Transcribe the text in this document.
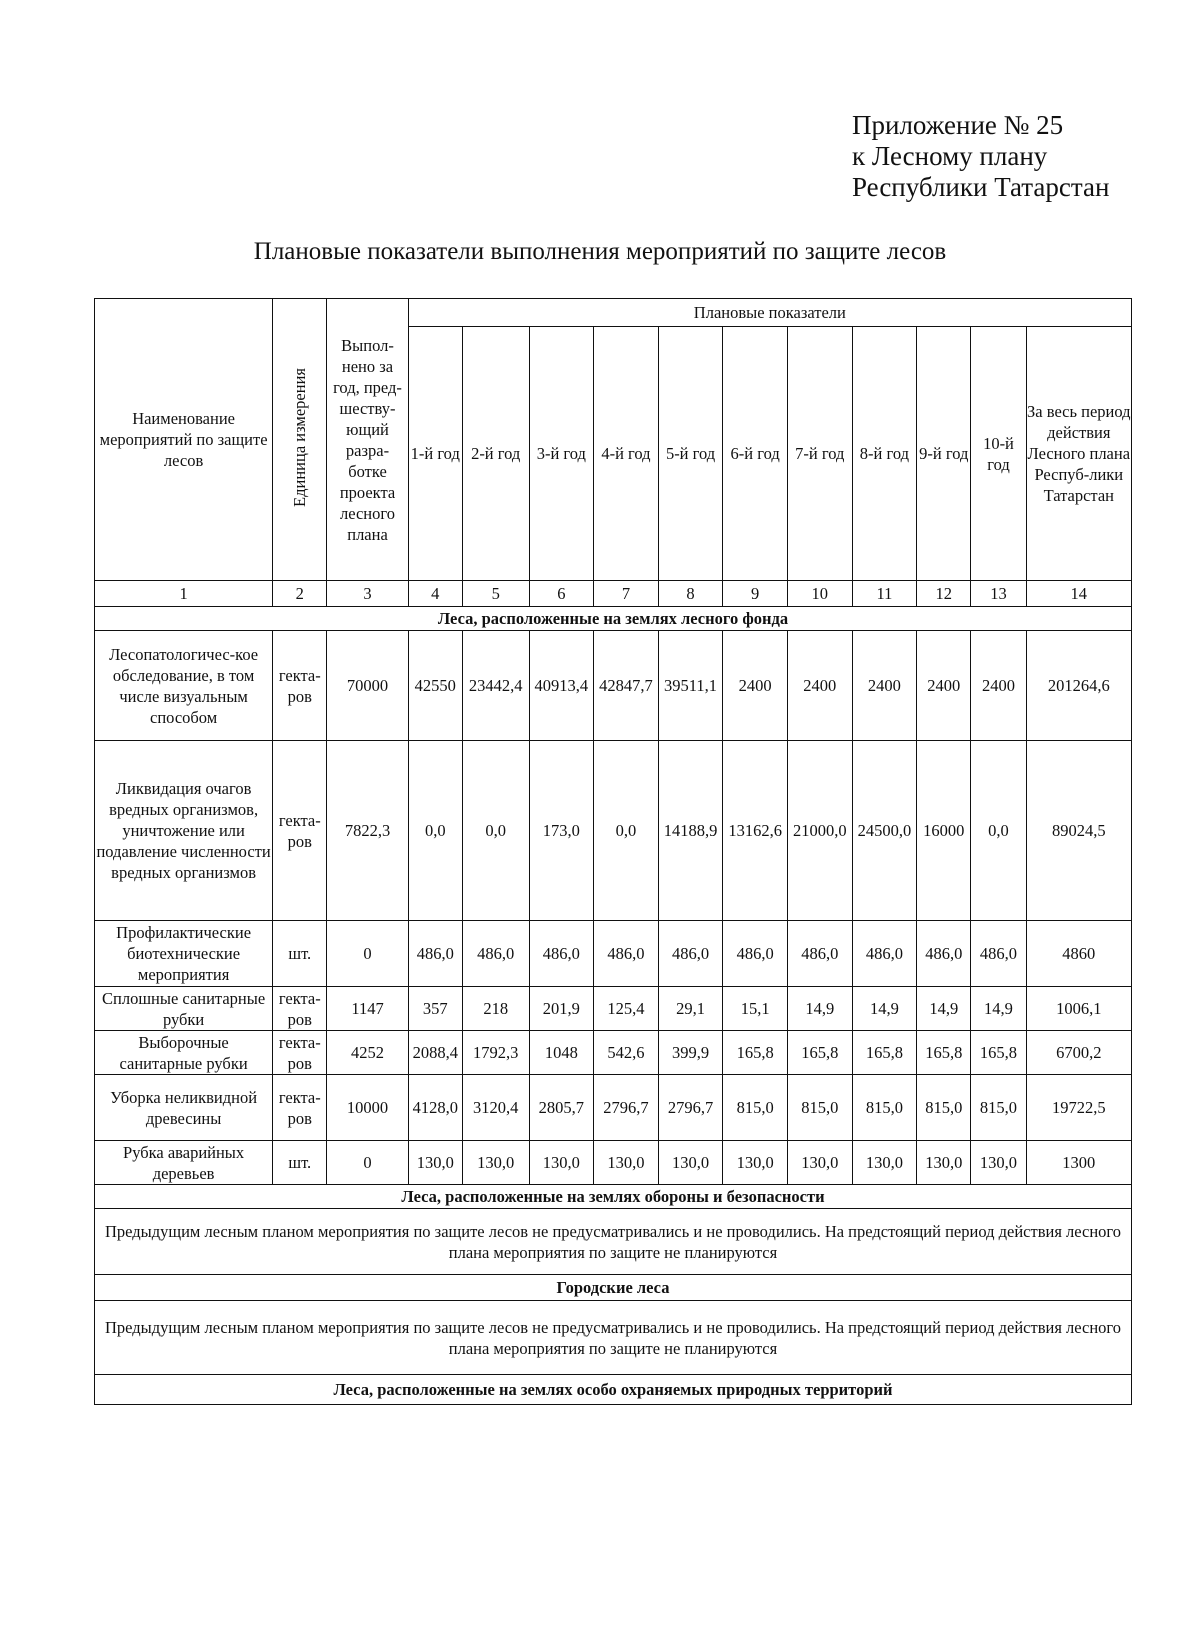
Приложение № 25
к Лесному плану
Республики Татарстан
Плановые показатели выполнения мероприятий по защите лесов
Наименование мероприятий по защите лесов	Единица измерения	Выпол-нено за год, пред-шеству-ющий разра-ботке проекта лесного плана	Плановые показатели										
			1-й год	2-й год	3-й год	4-й год	5-й год	6-й год	7-й год	8-й год	9-й год	10-й год	За весь период действия Лесного плана Респуб-лики Татарстан
1	2	3	4	5	6	7	8	9	10	11	12	13	14
Леса, расположенные на землях лесного фонда													
Лесопатологичес-кое обследование, в том числе визуальным способом	гекта-ров	70000	42550	23442,4	40913,4	42847,7	39511,1	2400	2400	2400	2400	2400	201264,6
Ликвидация очагов вредных организмов, уничтожение или подавление численности вредных организмов	гекта-ров	7822,3	0,0	0,0	173,0	0,0	14188,9	13162,6	21000,0	24500,0	16000	0,0	89024,5
Профилактические биотехнические мероприятия	шт.	0	486,0	486,0	486,0	486,0	486,0	486,0	486,0	486,0	486,0	486,0	4860
Сплошные санитарные рубки	гекта-ров	1147	357	218	201,9	125,4	29,1	15,1	14,9	14,9	14,9	14,9	1006,1
Выборочные санитарные рубки	гекта-ров	4252	2088,4	1792,3	1048	542,6	399,9	165,8	165,8	165,8	165,8	165,8	6700,2
Уборка неликвидной древесины	гекта-ров	10000	4128,0	3120,4	2805,7	2796,7	2796,7	815,0	815,0	815,0	815,0	815,0	19722,5
Рубка аварийных деревьев	шт.	0	130,0	130,0	130,0	130,0	130,0	130,0	130,0	130,0	130,0	130,0	1300
Леса, расположенные на землях обороны и безопасности													
Предыдущим лесным планом мероприятия по защите лесов не предусматривались и не проводились. На предстоящий период действия лесного плана мероприятия по защите не планируются													
Городские леса													
Предыдущим лесным планом мероприятия по защите лесов не предусматривались и не проводились. На предстоящий период действия лесного плана мероприятия по защите не планируются													
Леса, расположенные на землях особо охраняемых природных территорий													
